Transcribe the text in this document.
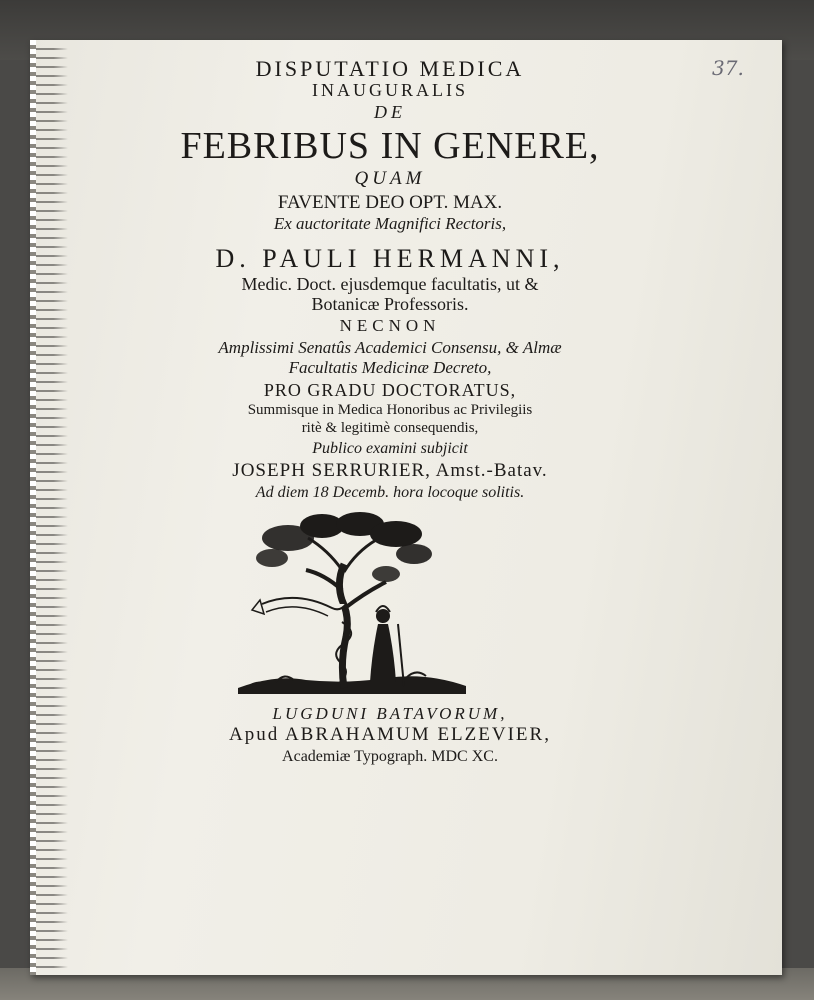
37.
DISPUTATIO MEDICA
INAUGURALIS
DE
FEBRIBUS IN GENERE,
QUAM
FAVENTE DEO OPT. MAX.
Ex auctoritate Magnifici Rectoris,
D. PAULI HERMANNI,
Medic. Doct. ejusdemque facultatis, ut &
Botanicæ Professoris.
NECNON
Amplissimi Senatûs Academici Consensu, & Almæ
Facultatis Medicinæ Decreto,
PRO GRADU DOCTORATUS,
Summisque in Medica Honoribus ac Privilegiis
ritè & legitimè consequendis,
Publico examini subjicit
JOSEPH SERRURIER, Amst.-Batav.
Ad diem 18 Decemb. hora locoque solitis.
LUGDUNI BATAVORUM,
Apud ABRAHAMUM ELZEVIER,
Academiæ Typograph. MDC XC.
